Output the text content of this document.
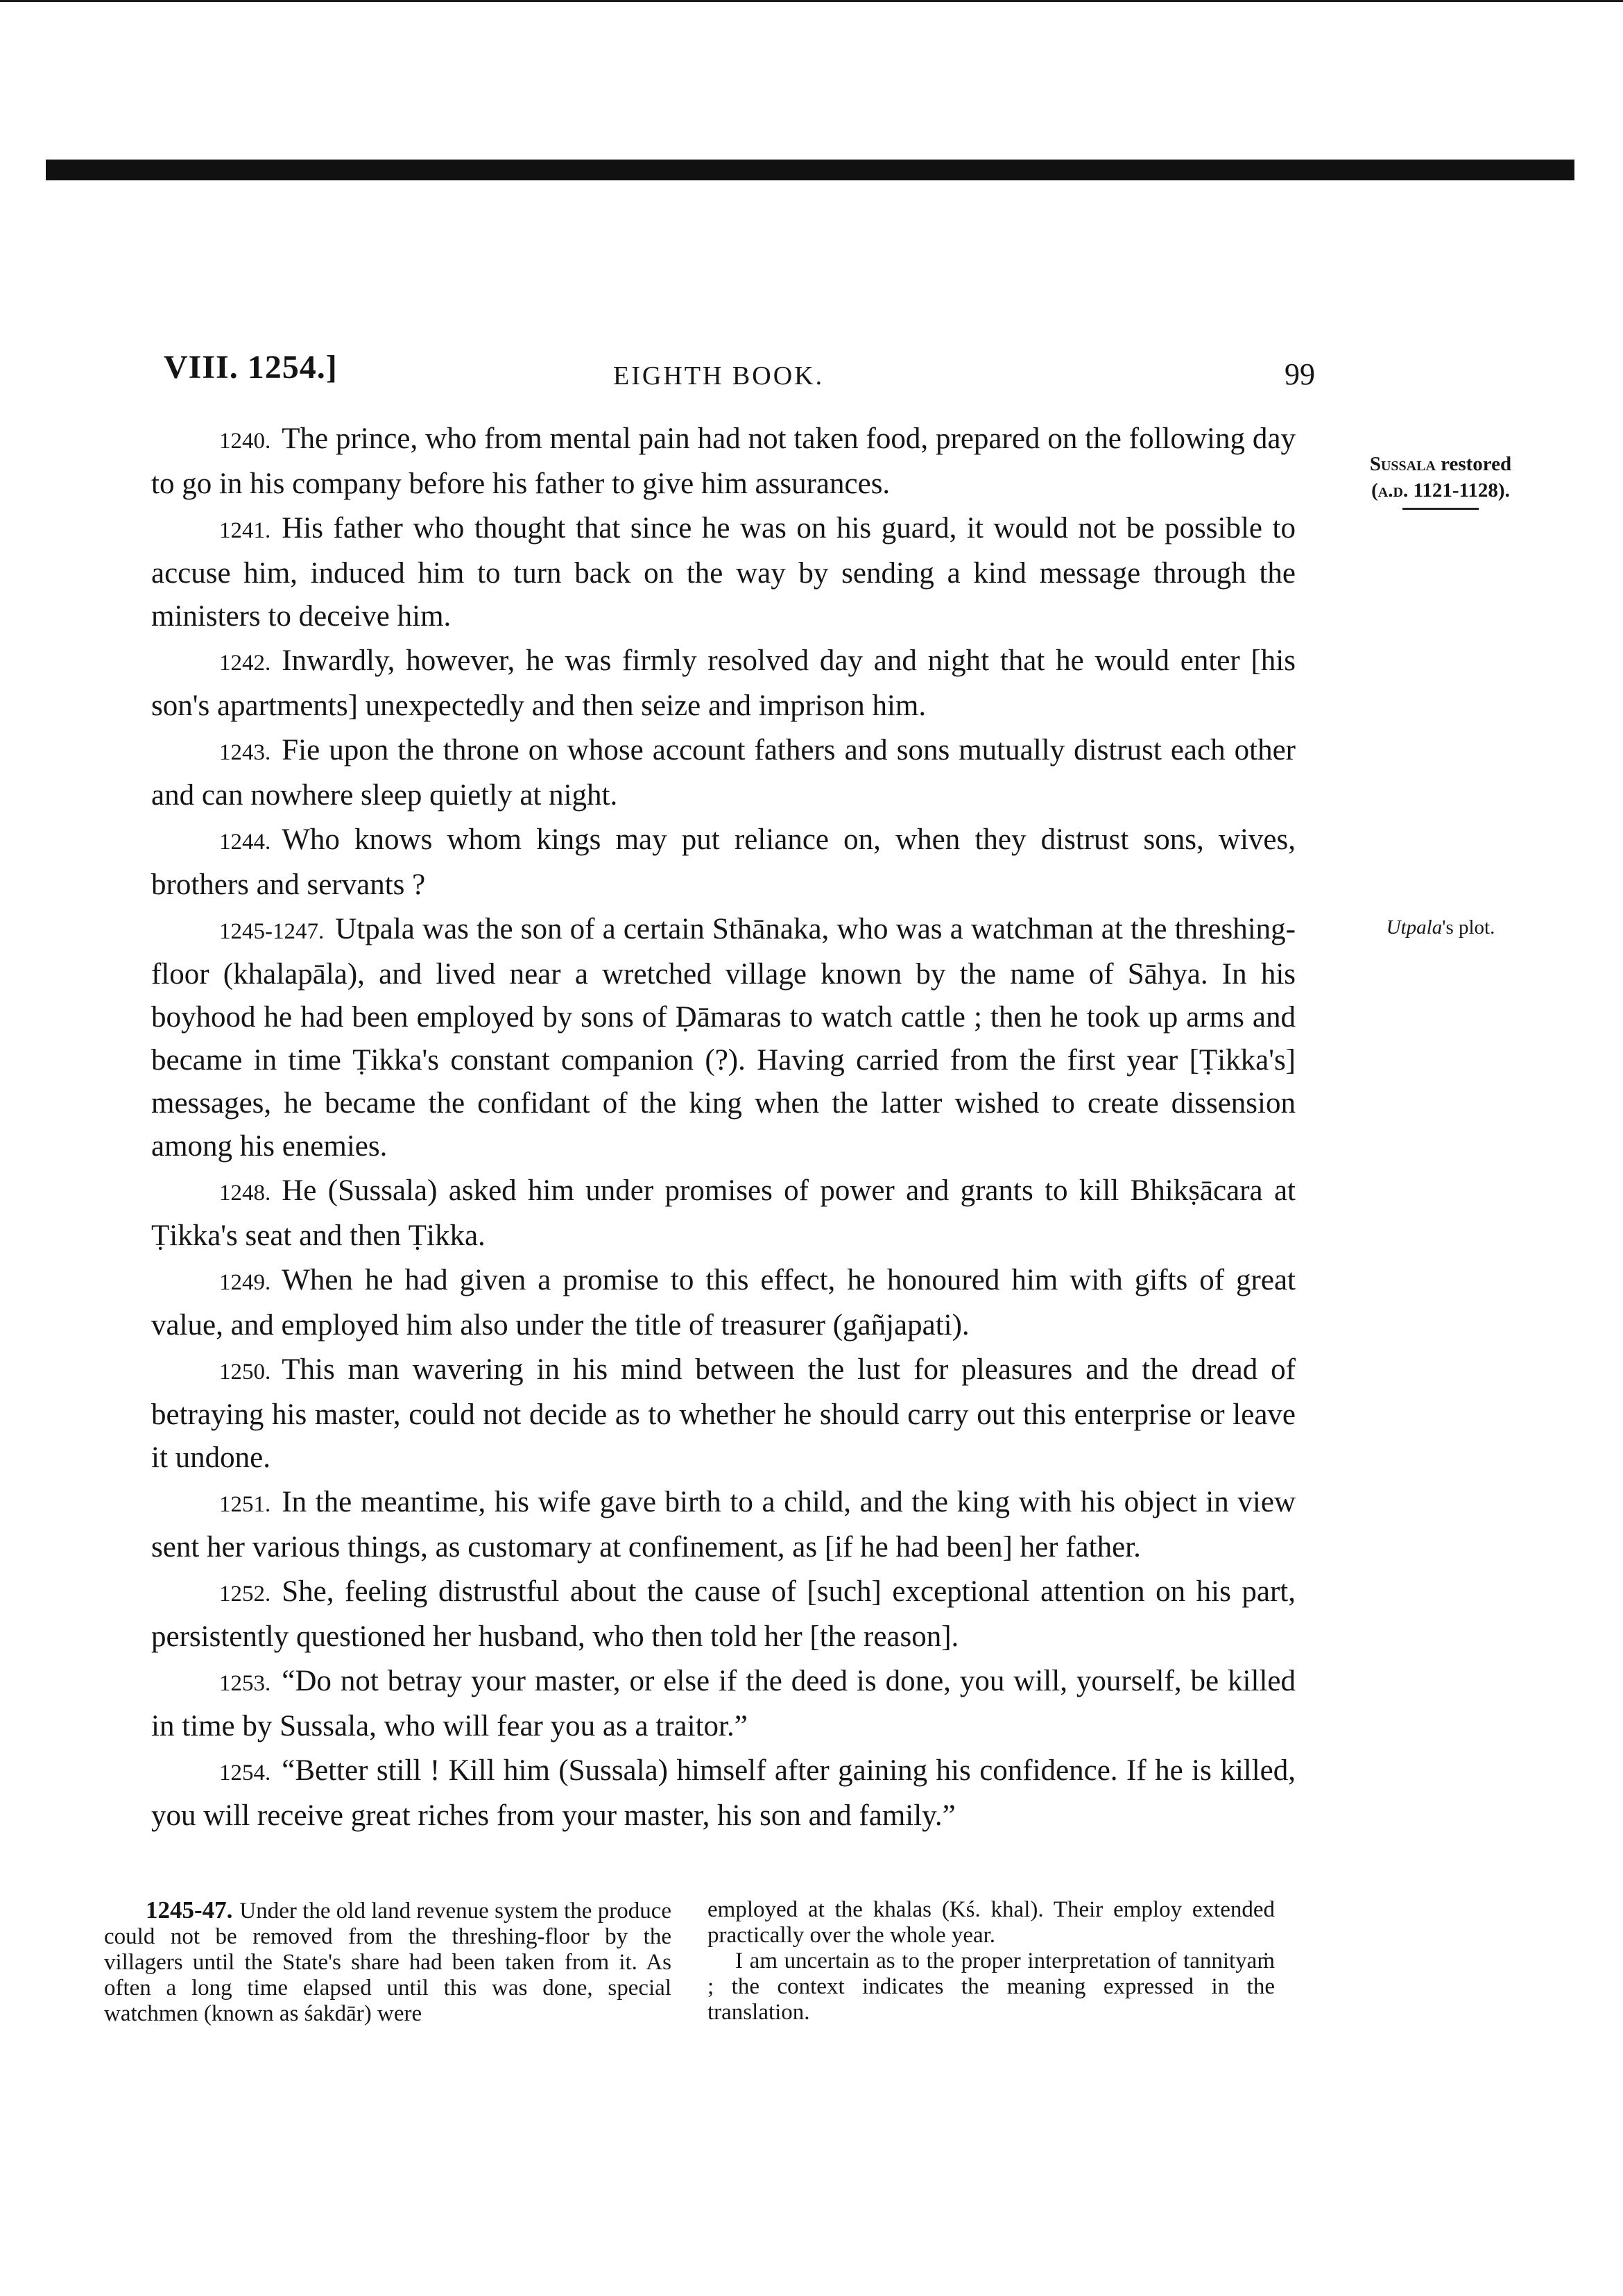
VIII. 1254.]	EIGHTH BOOK.	99
Sussala restored
(a.d. 1121-1128).
Utpala's plot.

1240. The prince, who from mental pain had not taken food, prepared on the following day to go in his company before his father to give him assurances.

1241. His father who thought that since he was on his guard, it would not be possible to accuse him, induced him to turn back on the way by sending a kind message through the ministers to deceive him.

1242. Inwardly, however, he was firmly resolved day and night that he would enter [his son's apartments] unexpectedly and then seize and imprison him.

1243. Fie upon the throne on whose account fathers and sons mutually distrust each other and can nowhere sleep quietly at night.

1244. Who knows whom kings may put reliance on, when they distrust sons, wives, brothers and servants ?

1245-1247. Utpala was the son of a certain Sthānaka, who was a watchman at the threshing-floor (khalapāla), and lived near a wretched village known by the name of Sāhya. In his boyhood he had been employed by sons of Ḍāmaras to watch cattle ; then he took up arms and became in time Ṭikka's constant companion (?). Having carried from the first year [Ṭikka's] messages, he became the confidant of the king when the latter wished to create dissension among his enemies.

1248. He (Sussala) asked him under promises of power and grants to kill Bhikṣācara at Ṭikka's seat and then Ṭikka.

1249. When he had given a promise to this effect, he honoured him with gifts of great value, and employed him also under the title of treasurer (gañjapati).

1250. This man wavering in his mind between the lust for pleasures and the dread of betraying his master, could not decide as to whether he should carry out this enterprise or leave it undone.

1251. In the meantime, his wife gave birth to a child, and the king with his object in view sent her various things, as customary at confinement, as [if he had been] her father.

1252. She, feeling distrustful about the cause of [such] exceptional attention on his part, persistently questioned her husband, who then told her [the reason].

1253. “Do not betray your master, or else if the deed is done, you will, yourself, be killed in time by Sussala, who will fear you as a traitor.”

1254. “Better still ! Kill him (Sussala) himself after gaining his confidence. If he is killed, you will receive great riches from your master, his son and family.”

1245-47. Under the old land revenue system the produce could not be removed from the threshing-floor by the villagers until the State's share had been taken from it. As often a long time elapsed until this was done, special watchmen (known as śakdār) were

employed at the khalas (Kś. khal). Their employ extended practically over the whole year.

I am uncertain as to the proper interpretation of tannityaṁ ; the context indicates the meaning expressed in the translation.
